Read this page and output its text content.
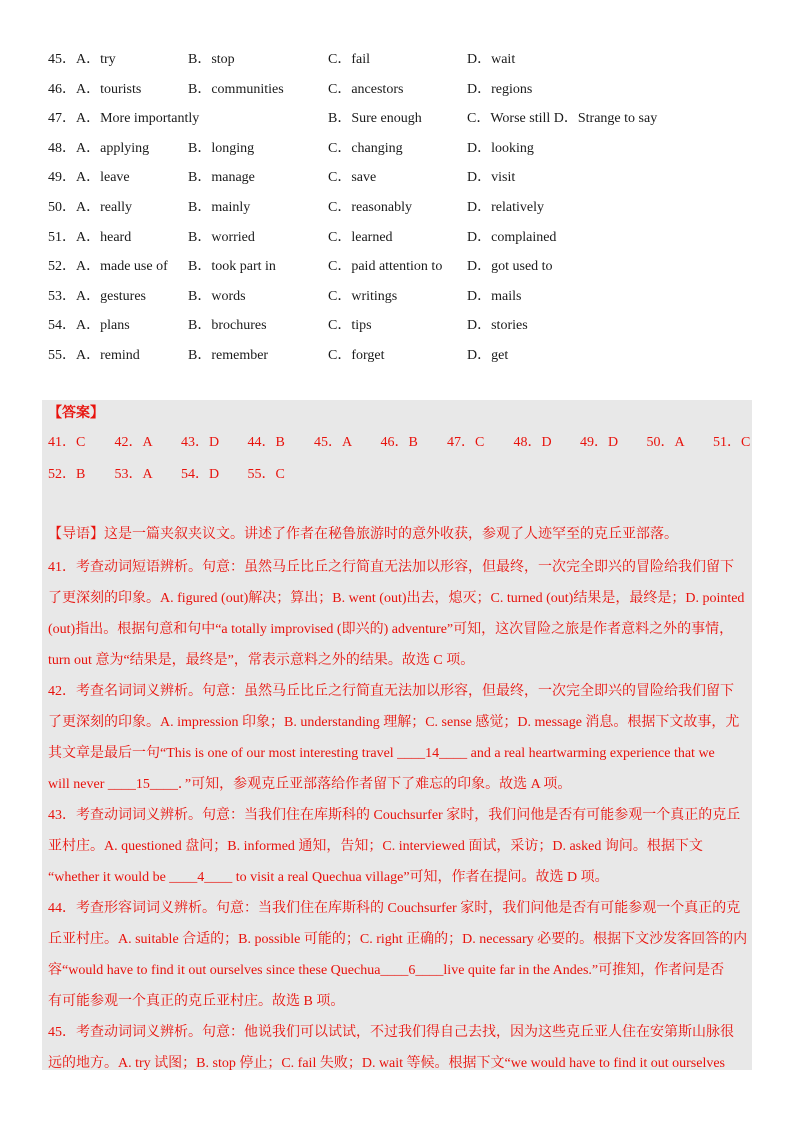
45．A．try	B．stop	C．fail	D．wait
46．A．tourists	B．communities	C．ancestors	D．regions
47．A．More importantly	B．Sure enough	C．Worse still D．Strange to say
48．A．applying	B．longing	C．changing	D．looking
49．A．leave	B．manage	C．save	D．visit
50．A．really	B．mainly	C．reasonably	D．relatively
51．A．heard	B．worried	C．learned	D．complained
52．A．made use of B．took part in	C．paid attention to D．got used to
53．A．gestures	B．words	C．writings	D．mails
54．A．plans	B．brochures	C．tips	D．stories
55．A．remind	B．remember	C．forget	D．get
【答案】
41．C 42．A 43．D 44．B 45．A 46．B 47．C 48．D 49．D 50．A 51．C
52．B 53．A 54．D 55．C

【导语】这是一篇夹叙夹议文。讲述了作者在秘鲁旅游时的意外收获，参观了人迹罕至的克丘亚部落。

41．考查动词短语辨析。句意：虽然马丘比丘之行简直无法加以形容，但最终，一次完全即兴的冒险给我们留下
了更深刻的印象。A. figured (out)解决；算出；B. went (out)出去，熄灭；C. turned (out)结果是，最终是；D. pointed
(out)指出。根据句意和句中“a totally improvised (即兴的) adventure”可知，这次冒险之旅是作者意料之外的事情，
turn out 意为“结果是，最终是”，常表示意料之外的结果。故选 C 项。

42．考查名词词义辨析。句意：虽然马丘比丘之行简直无法加以形容，但最终，一次完全即兴的冒险给我们留下
了更深刻的印象。A. impression 印象；B. understanding 理解；C. sense 感觉；D. message 消息。根据下文故事，尤
其文章是最后一句“This is one of our most interesting travel ____14____ and a real heartwarming experience that we
will never ____15____．”可知，参观克丘亚部落给作者留下了难忘的印象。故选 A 项。

43．考查动词词义辨析。句意：当我们住在库斯科的 Couchsurfer 家时，我们问他是否有可能参观一个真正的克丘
亚村庄。A. questioned 盘问；B. informed 通知，告知；C. interviewed 面试，采访；D. asked 询问。根据下文
“whether it would be ____4____ to visit a real Quechua village”可知，作者在提问。故选 D 项。

44．考查形容词词义辨析。句意：当我们住在库斯科的 Couchsurfer 家时，我们问他是否有可能参观一个真正的克
丘亚村庄。A. suitable 合适的；B. possible 可能的；C. right 正确的；D. necessary 必要的。根据下文沙发客回答的内
容“would have to find it out ourselves since these Quechua____6____live quite far in the Andes.”可推知，作者问是否
有可能参观一个真正的克丘亚村庄。故选 B 项。

45．考查动词词义辨析。句意：他说我们可以试试，不过我们得自己去找，因为这些克丘亚人住在安第斯山脉很
远的地方。A. try 试图；B. stop 停止；C. fail 失败；D. wait 等候。根据下文“we would have to find it out ourselves
